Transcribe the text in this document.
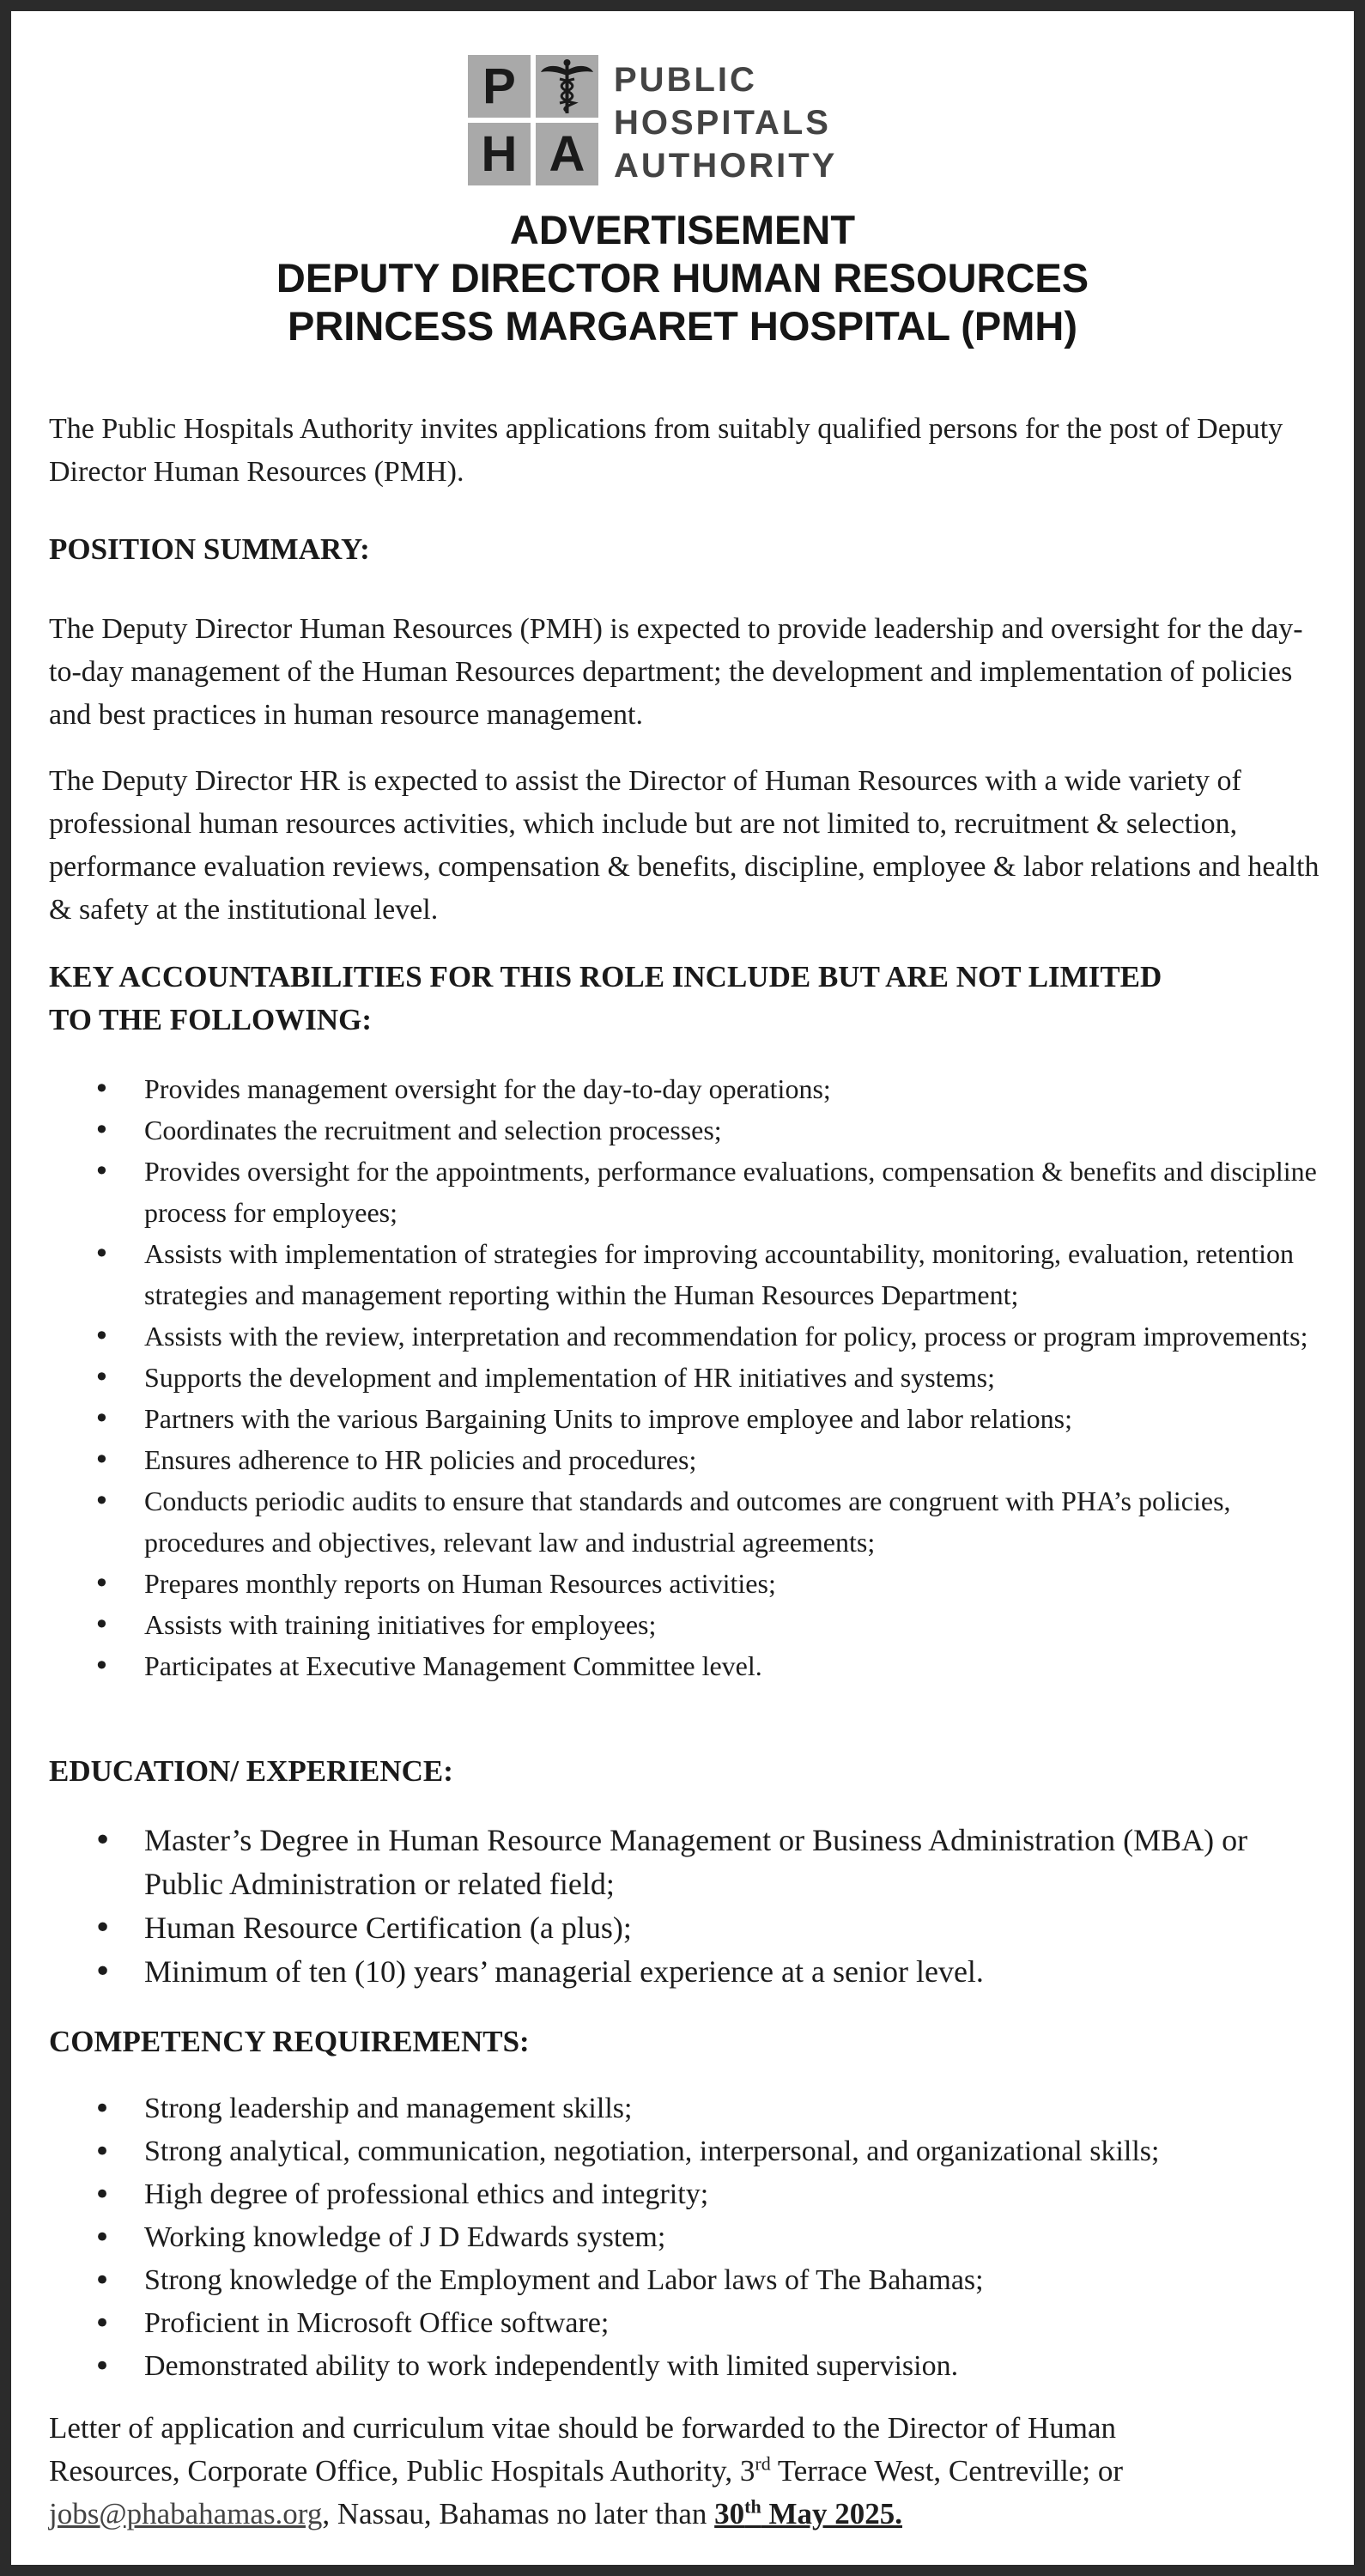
P
H A
PUBLIC
HOSPITALS
AUTHORITY
ADVERTISEMENT
DEPUTY DIRECTOR HUMAN RESOURCES
PRINCESS MARGARET HOSPITAL (PMH)
The Public Hospitals Authority invites applications from suitably qualified persons for the post of Deputy Director Human Resources (PMH).
POSITION SUMMARY:
The Deputy Director Human Resources (PMH) is expected to provide leadership and oversight for the day-to-day management of the Human Resources department; the development and implementation of policies and best practices in human resource management.
The Deputy Director HR is expected to assist the Director of Human Resources with a wide variety of professional human resources activities, which include but are not limited to, recruitment & selection, performance evaluation reviews, compensation & benefits, discipline, employee & labor relations and health & safety at the institutional level.
KEY ACCOUNTABILITIES FOR THIS ROLE INCLUDE BUT ARE NOT LIMITED
TO THE FOLLOWING:
• Provides management oversight for the day-to-day operations;
• Coordinates the recruitment and selection processes;
• Provides oversight for the appointments, performance evaluations, compensation & benefits and discipline process for employees;
• Assists with implementation of strategies for improving accountability, monitoring, evaluation, retention strategies and management reporting within the Human Resources Department;
• Assists with the review, interpretation and recommendation for policy, process or program improvements;
• Supports the development and implementation of HR initiatives and systems;
• Partners with the various Bargaining Units to improve employee and labor relations;
• Ensures adherence to HR policies and procedures;
• Conducts periodic audits to ensure that standards and outcomes are congruent with PHA’s policies, procedures and objectives, relevant law and industrial agreements;
• Prepares monthly reports on Human Resources activities;
• Assists with training initiatives for employees;
• Participates at Executive Management Committee level.
EDUCATION/ EXPERIENCE:
• Master’s Degree in Human Resource Management or Business Administration (MBA) or Public Administration or related field;
• Human Resource Certification (a plus);
• Minimum of ten (10) years’ managerial experience at a senior level.
COMPETENCY REQUIREMENTS:
• Strong leadership and management skills;
• Strong analytical, communication, negotiation, interpersonal, and organizational skills;
• High degree of professional ethics and integrity;
• Working knowledge of J D Edwards system;
• Strong knowledge of the Employment and Labor laws of The Bahamas;
• Proficient in Microsoft Office software;
• Demonstrated ability to work independently with limited supervision.
Letter of application and curriculum vitae should be forwarded to the Director of Human
Resources, Corporate Office, Public Hospitals Authority, 3rd Terrace West, Centreville; or
jobs@phabahamas.org, Nassau, Bahamas no later than 30th May 2025.
